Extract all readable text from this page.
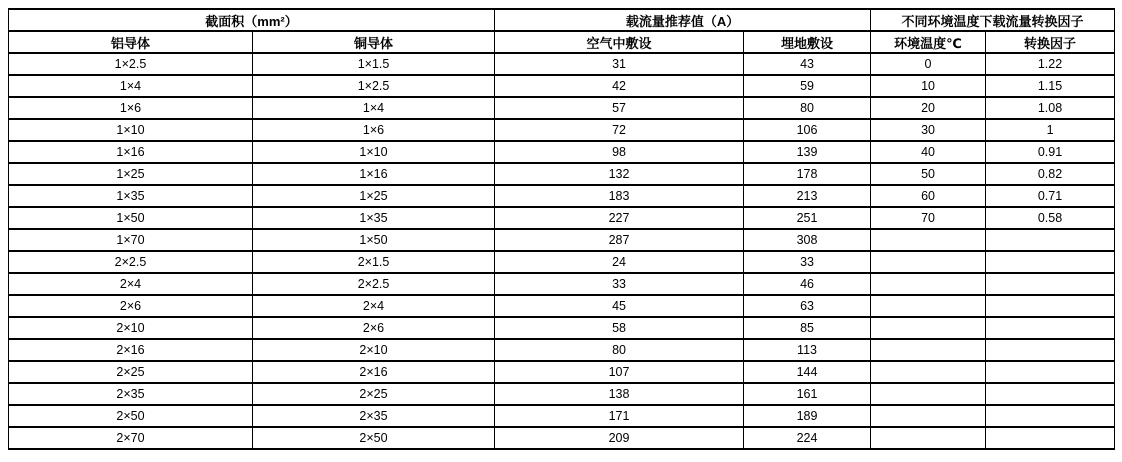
截面积（mm²）		载流量推荐值（A）		不同环境温度下载流量转换因子	
铝导体	铜导体	空气中敷设	埋地敷设	环境温度℃	转换因子
1×2.5	1×1.5	31	43	0	1.22
1×4	1×2.5	42	59	10	1.15
1×6	1×4	57	80	20	1.08
1×10	1×6	72	106	30	1
1×16	1×10	98	139	40	0.91
1×25	1×16	132	178	50	0.82
1×35	1×25	183	213	60	0.71
1×50	1×35	227	251	70	0.58
1×70	1×50	287	308		
2×2.5	2×1.5	24	33		
2×4	2×2.5	33	46		
2×6	2×4	45	63		
2×10	2×6	58	85		
2×16	2×10	80	113		
2×25	2×16	107	144		
2×35	2×25	138	161		
2×50	2×35	171	189		
2×70	2×50	209	224		
